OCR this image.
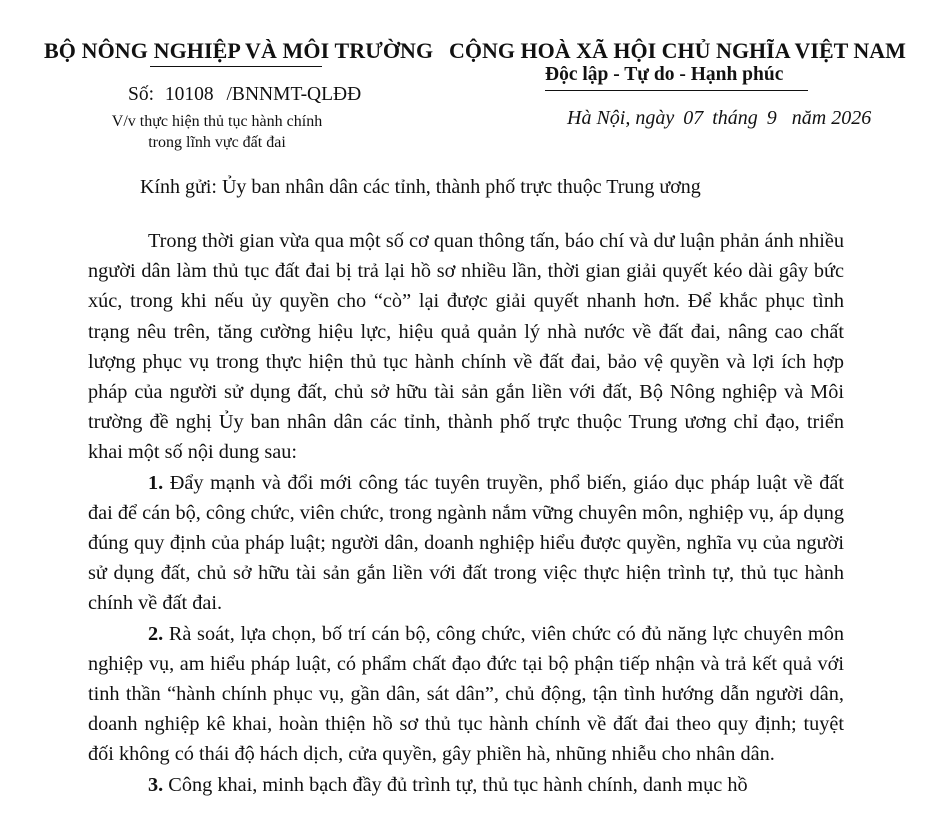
BỘ NÔNG NGHIỆP VÀ MÔI TRƯỜNG CỘNG HOÀ XÃ HỘI CHỦ NGHĨA VIỆT NAM
Độc lập - Tự do - Hạnh phúc
Số: 10108 /BNNMT-QLĐĐ
V/v thực hiện thủ tục hành chính
trong lĩnh vực đất đai
Hà Nội, ngày 07 tháng 9 năm 2026
Kính gửi: Ủy ban nhân dân các tỉnh, thành phố trực thuộc Trung ương

Trong thời gian vừa qua một số cơ quan thông tấn, báo chí và dư luận phản ánh nhiều người dân làm thủ tục đất đai bị trả lại hồ sơ nhiều lần, thời gian giải quyết kéo dài gây bức xúc, trong khi nếu ủy quyền cho “cò” lại được giải quyết nhanh hơn. Để khắc phục tình trạng nêu trên, tăng cường hiệu lực, hiệu quả quản lý nhà nước về đất đai, nâng cao chất lượng phục vụ trong thực hiện thủ tục hành chính về đất đai, bảo vệ quyền và lợi ích hợp pháp của người sử dụng đất, chủ sở hữu tài sản gắn liền với đất, Bộ Nông nghiệp và Môi trường đề nghị Ủy ban nhân dân các tỉnh, thành phố trực thuộc Trung ương chỉ đạo, triển khai một số nội dung sau:

1. Đẩy mạnh và đổi mới công tác tuyên truyền, phổ biến, giáo dục pháp luật về đất đai để cán bộ, công chức, viên chức, trong ngành nắm vững chuyên môn, nghiệp vụ, áp dụng đúng quy định của pháp luật; người dân, doanh nghiệp hiểu được quyền, nghĩa vụ của người sử dụng đất, chủ sở hữu tài sản gắn liền với đất trong việc thực hiện trình tự, thủ tục hành chính về đất đai.

2. Rà soát, lựa chọn, bố trí cán bộ, công chức, viên chức có đủ năng lực chuyên môn nghiệp vụ, am hiểu pháp luật, có phẩm chất đạo đức tại bộ phận tiếp nhận và trả kết quả với tinh thần “hành chính phục vụ, gần dân, sát dân”, chủ động, tận tình hướng dẫn người dân, doanh nghiệp kê khai, hoàn thiện hồ sơ thủ tục hành chính về đất đai theo quy định; tuyệt đối không có thái độ hách dịch, cửa quyền, gây phiền hà, nhũng nhiễu cho nhân dân.

3. Công khai, minh bạch đầy đủ trình tự, thủ tục hành chính, danh mục hồ
